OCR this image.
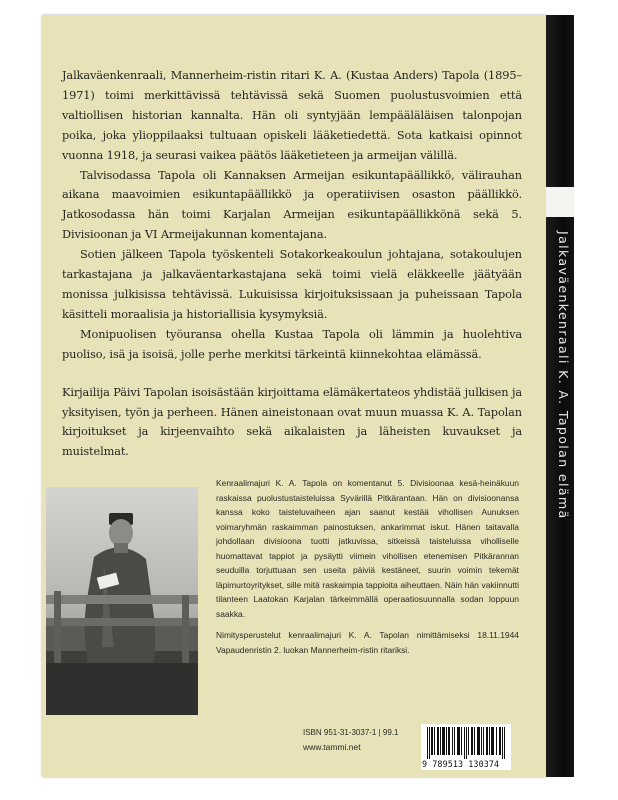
Jalkaväenkenraali K. A. Tapolan elämä

Jalkaväenkenraali, Mannerheim-ristin ritari K. A. (Kustaa Anders) Tapola (1895–1971) toimi merkittävissä tehtävissä sekä Suomen puolustusvoimien että valtiollisen historian kannalta. Hän oli syntyjään lempääläläisen talonpojan poika, joka ylioppilaaksi tultuaan opiskeli lääketiedettä. Sota katkaisi opinnot vuonna 1918, ja seurasi vaikea päätös lääketieteen ja armeijan välillä.

Talvisodassa Tapola oli Kannaksen Armeijan esikuntapäällikkö, välirauhan aikana maavoimien esikuntapäällikkö ja operatiivisen osaston päällikkö. Jatkosodassa hän toimi Karjalan Armeijan esikuntapäällikkönä sekä 5. Divisioonan ja VI Armeijakunnan komentajana.

Sotien jälkeen Tapola työskenteli Sotakorkeakoulun johtajana, sotakoulujen tarkastajana ja jalkaväentarkastajana sekä toimi vielä eläkkeelle jäätyään monissa julkisissa tehtävissä. Lukuisissa kirjoituksissaan ja puheissaan Tapola käsitteli moraalisia ja historiallisia kysymyksiä.

Monipuolisen työuransa ohella Kustaa Tapola oli lämmin ja huolehtiva puoliso, isä ja isoisä, jolle perhe merkitsi tärkeintä kiinnekohtaa elämässä.

Kirjailija Päivi Tapolan isoisästään kirjoittama elämäkertateos yhdistää julkisen ja yksityisen, työn ja perheen. Hänen aineistonaan ovat muun muassa K. A. Tapolan kirjoitukset ja kirjeenvaihto sekä aikalaisten ja läheisten kuvaukset ja muistelmat.

Kenraalimajuri K. A. Tapola on komentanut 5. Divisioonaa kesä-heinäkuun raskaissa puolustustaisteluissa Syvärillä Pitkärantaan. Hän on divisioonansa kanssa koko taisteluvaiheen ajan saanut kestää vihollisen Aunuksen voimaryhmän raskaimman painostuksen, ankarimmat iskut. Hänen taitavalla johdollaan divisioona tuotti jatkuvissa, sitkeissä taisteluissa viholliselle huomattavat tappiot ja pysäytti viimein vihollisen etenemisen Pitkärannan seuduilla torjuttuaan sen useita päiviä kestäneet, suurin voimin tekemät läpimurtoyritykset, sille mitä raskaimpia tappioita aiheuttaen. Näin hän vakiinnutti tilanteen Laatokan Karjalan tärkeimmällä operaatiosuunnalla sodan loppuun saakka.

Nimitysperustelut kenraalimajuri K. A. Tapolan nimittämiseksi 18.11.1944 Vapaudenristin 2. luokan Mannerheim-ristin ritariksi.

ISBN 951-31-3037-1 | 99.1
www.tammi.net
9 789513 130374
